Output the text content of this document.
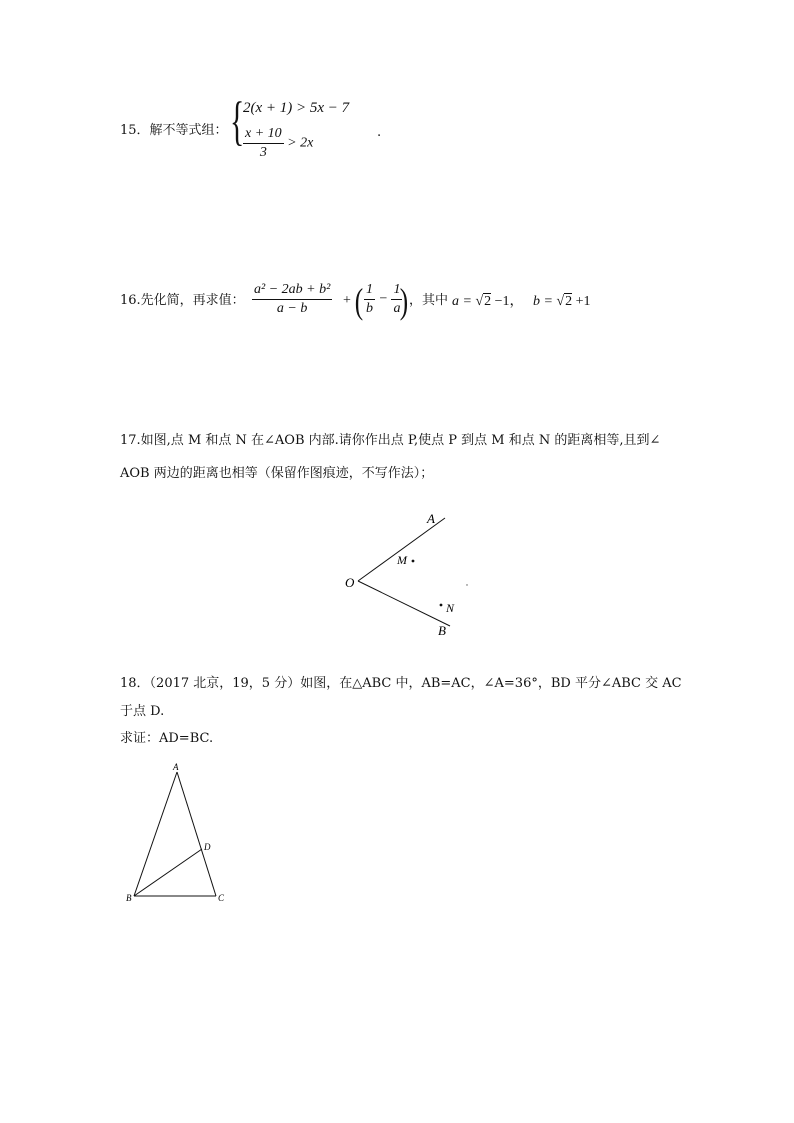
15．解不等式组： {
2(x + 1) > 5x − 7
$\frac{x + 10}{3} > 2x$
.
16.先化简，再求值： $\frac{\text{a² − 2ab + b²}}{a - b}$ + ( $\frac{1}{b} - \frac{1}{a}$
) ，其中 a = √2 −1， b = √2 +1
17.如图,点 M 和点 N 在∠AOB 内部.请你作出点 P,使点 P 到点 M 和点 N 的距离相等,且到∠
AOB 两边的距离也相等（保留作图痕迹，不写作法）；
A
B
O
M
N
18．（2017 北京，19，5 分）如图，在△ABC 中，AB=AC，∠A=36°，BD 平分∠ABC 交 AC
于点 D.
求证：AD=BC.
A
B	C
D
